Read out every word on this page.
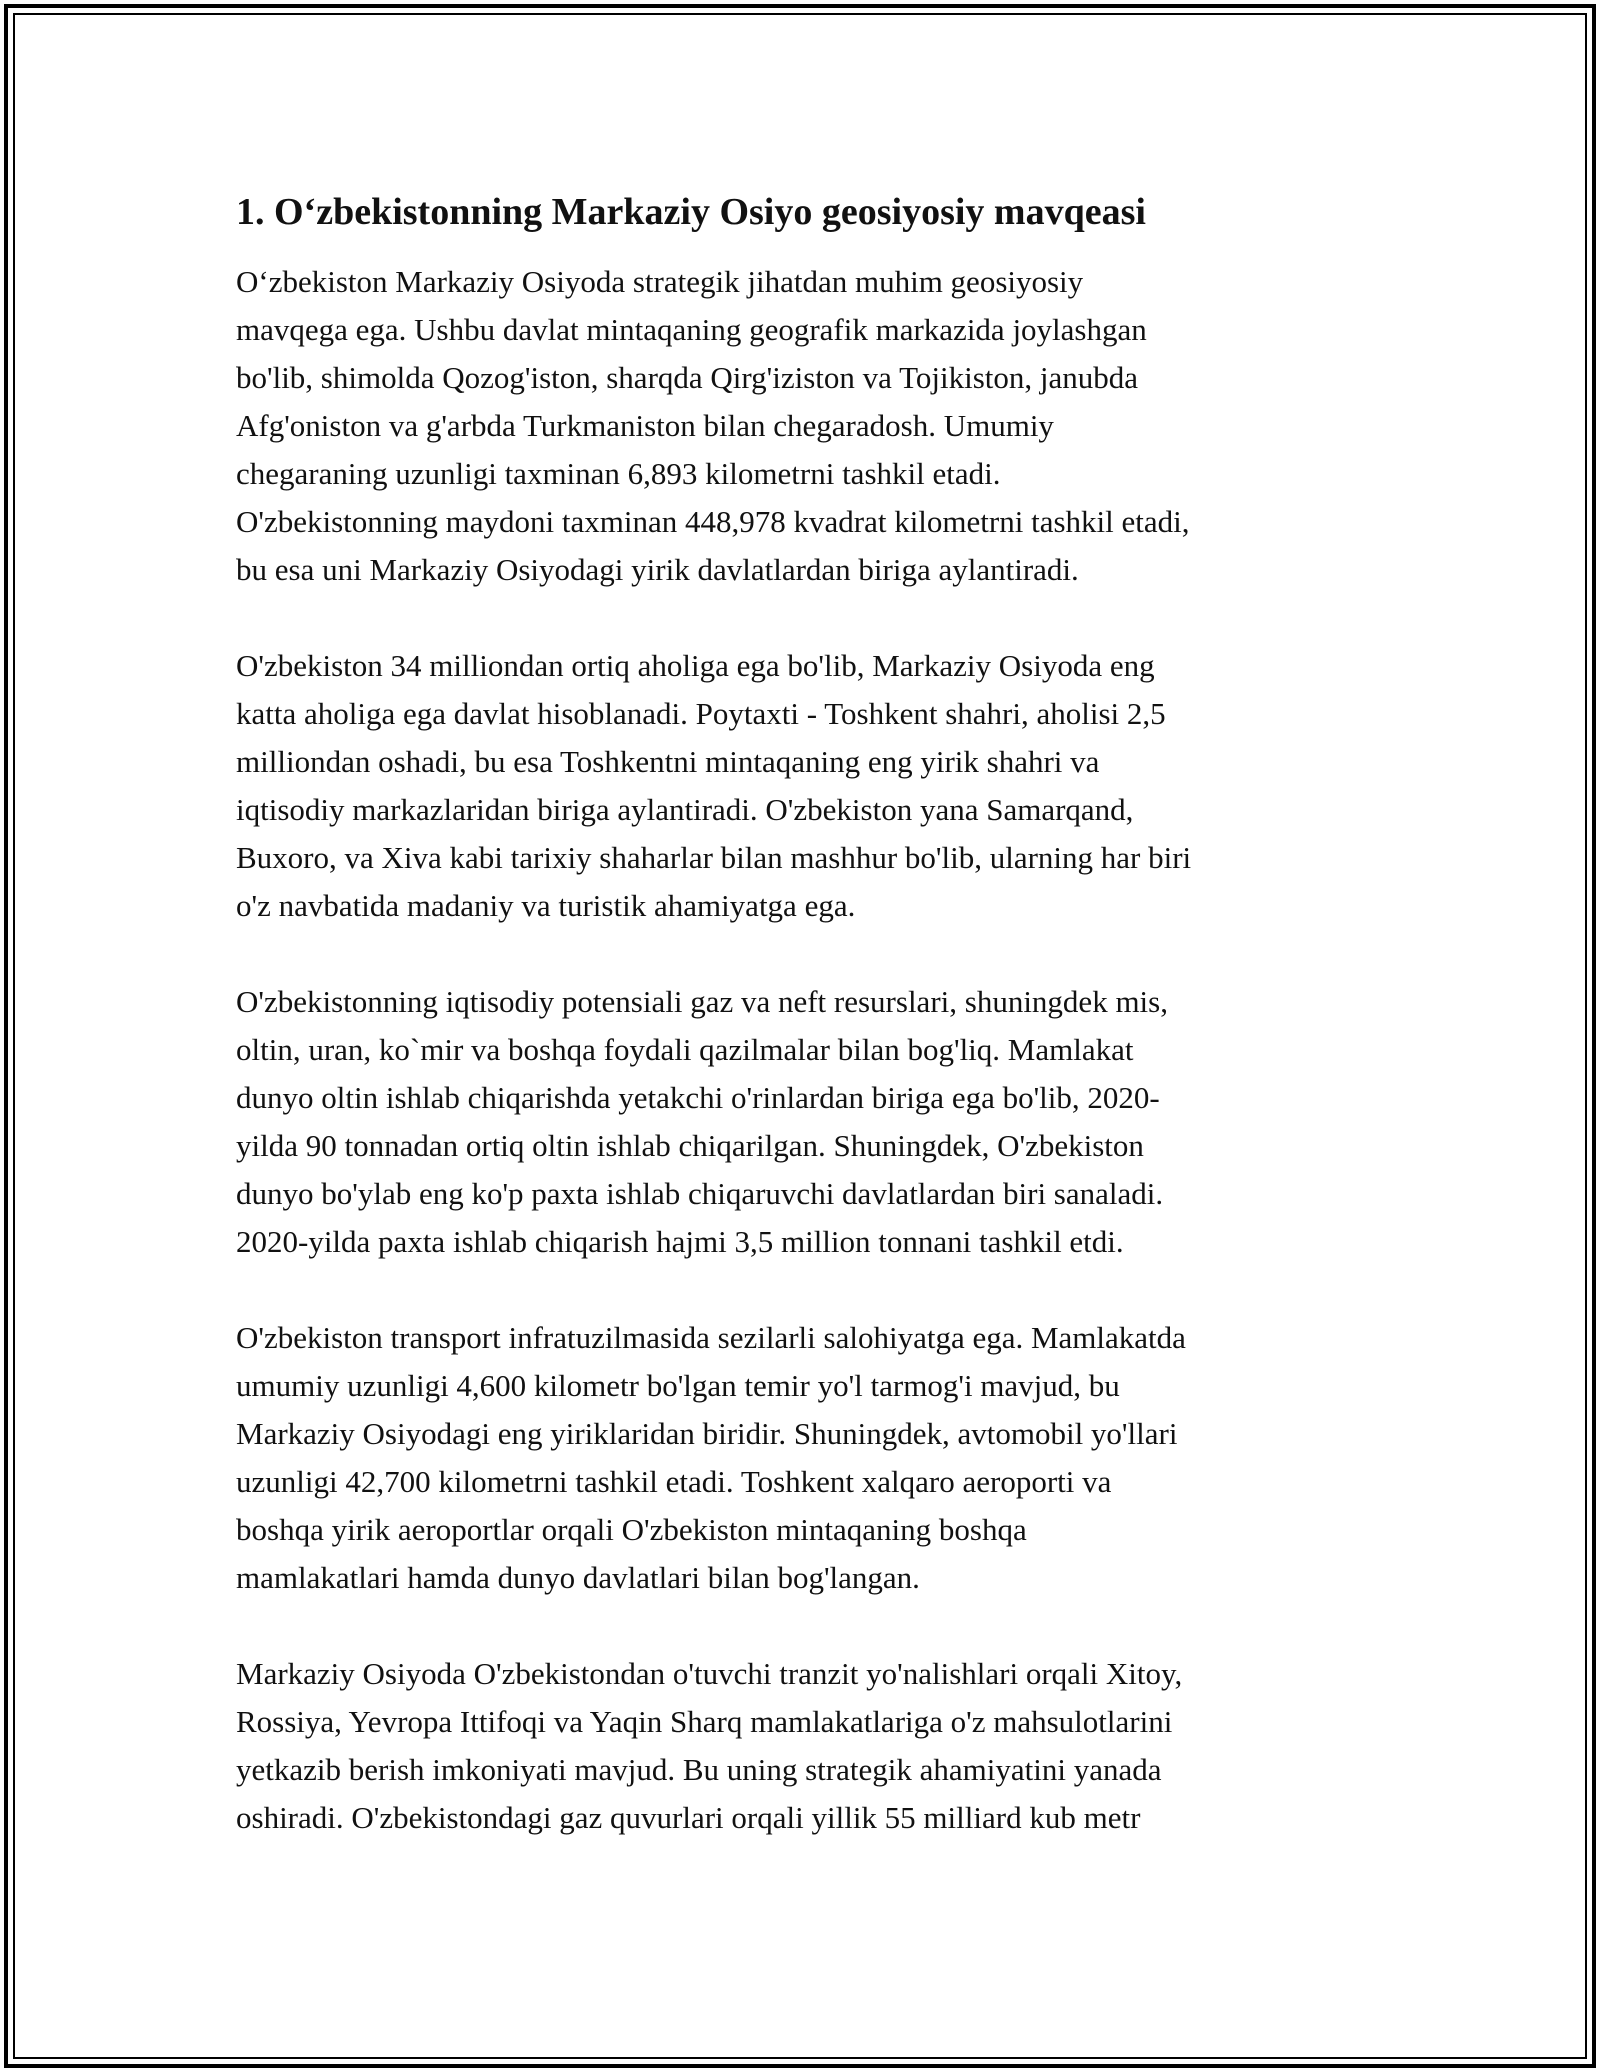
1. O‘zbekistonning Markaziy Osiyo geosiyosiy mavqeasi

O‘zbekiston Markaziy Osiyoda strategik jihatdan muhim geosiyosiy
mavqega ega. Ushbu davlat mintaqaning geografik markazida joylashgan
bo'lib, shimolda Qozog'iston, sharqda Qirg'iziston va Tojikiston, janubda
Afg'oniston va g'arbda Turkmaniston bilan chegaradosh. Umumiy
chegaraning uzunligi taxminan 6,893 kilometrni tashkil etadi.
O'zbekistonning maydoni taxminan 448,978 kvadrat kilometrni tashkil etadi,
bu esa uni Markaziy Osiyodagi yirik davlatlardan biriga aylantiradi.

O'zbekiston 34 milliondan ortiq aholiga ega bo'lib, Markaziy Osiyoda eng
katta aholiga ega davlat hisoblanadi. Poytaxti - Toshkent shahri, aholisi 2,5
milliondan oshadi, bu esa Toshkentni mintaqaning eng yirik shahri va
iqtisodiy markazlaridan biriga aylantiradi. O'zbekiston yana Samarqand,
Buxoro, va Xiva kabi tarixiy shaharlar bilan mashhur bo'lib, ularning har biri
o'z navbatida madaniy va turistik ahamiyatga ega.

O'zbekistonning iqtisodiy potensiali gaz va neft resurslari, shuningdek mis,
oltin, uran, ko`mir va boshqa foydali qazilmalar bilan bog'liq. Mamlakat
dunyo oltin ishlab chiqarishda yetakchi o'rinlardan biriga ega bo'lib, 2020-
yilda 90 tonnadan ortiq oltin ishlab chiqarilgan. Shuningdek, O'zbekiston
dunyo bo'ylab eng ko'p paxta ishlab chiqaruvchi davlatlardan biri sanaladi.
2020-yilda paxta ishlab chiqarish hajmi 3,5 million tonnani tashkil etdi.

O'zbekiston transport infratuzilmasida sezilarli salohiyatga ega. Mamlakatda
umumiy uzunligi 4,600 kilometr bo'lgan temir yo'l tarmog'i mavjud, bu
Markaziy Osiyodagi eng yiriklaridan biridir. Shuningdek, avtomobil yo'llari
uzunligi 42,700 kilometrni tashkil etadi. Toshkent xalqaro aeroporti va
boshqa yirik aeroportlar orqali O'zbekiston mintaqaning boshqa
mamlakatlari hamda dunyo davlatlari bilan bog'langan.

Markaziy Osiyoda O'zbekistondan o'tuvchi tranzit yo'nalishlari orqali Xitoy,
Rossiya, Yevropa Ittifoqi va Yaqin Sharq mamlakatlariga o'z mahsulotlarini
yetkazib berish imkoniyati mavjud. Bu uning strategik ahamiyatini yanada
oshiradi. O'zbekistondagi gaz quvurlari orqali yillik 55 milliard kub metr
